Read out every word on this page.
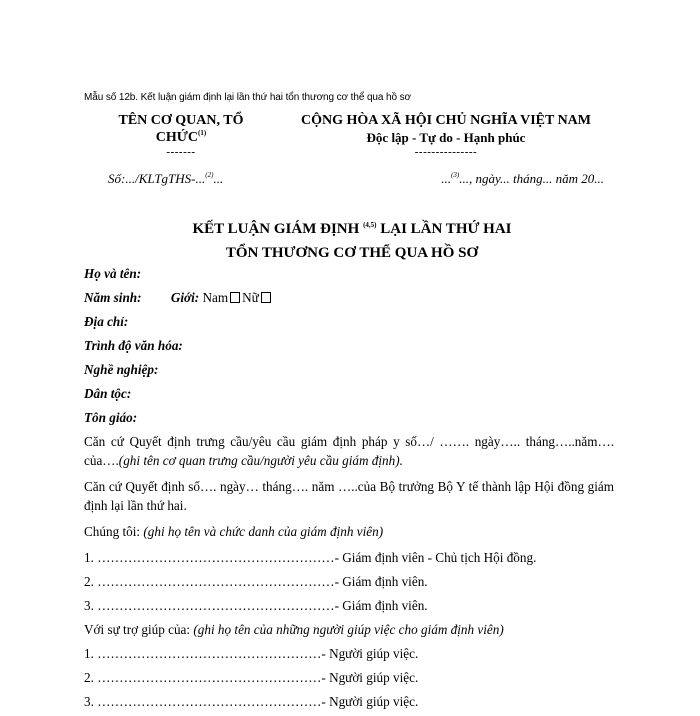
Mẫu số 12b. Kết luận giám định lại lần thứ hai tổn thương cơ thể qua hồ sơ
TÊN CƠ QUAN, TỔ
CHỨC$^{(1)}$
-------
CỘNG HÒA XÃ HỘI CHỦ NGHĨA VIỆT NAM
Độc lập - Tự do - Hạnh phúc
---------------
Số:.../KLTgTHS-...$^{(2)}$...	...$^{(3)}$..., ngày... tháng... năm 20...
KẾT LUẬN GIÁM ĐỊNH $^{(4,5)}$ LẠI LẦN THỨ HAI
TỔN THƯƠNG CƠ THỂ QUA HỒ SƠ
Họ và tên:
Năm sinh: Giới: Nam Nữ
Địa chỉ:
Trình độ văn hóa:
Nghề nghiệp:
Dân tộc:
Tôn giáo:

Căn cứ Quyết định trưng cầu/yêu cầu giám định pháp y số…/ ……. ngày….. tháng…..năm…. của….(ghi tên cơ quan trưng cầu/người yêu cầu giám định).

Căn cứ Quyết định số…. ngày… tháng…. năm …..của Bộ trưởng Bộ Y tế thành lập Hội đồng giám định lại lần thứ hai.

Chúng tôi: (ghi họ tên và chức danh của giám định viên)

1. ………………………………………………- Giám định viên - Chủ tịch Hội đồng.
2. ………………………………………………- Giám định viên.
3. ………………………………………………- Giám định viên.
Với sự trợ giúp của: (ghi họ tên của những người giúp việc cho giám định viên)
1. ……………………………………………- Người giúp việc.
2. ……………………………………………- Người giúp việc.
3. ……………………………………………- Người giúp việc.
